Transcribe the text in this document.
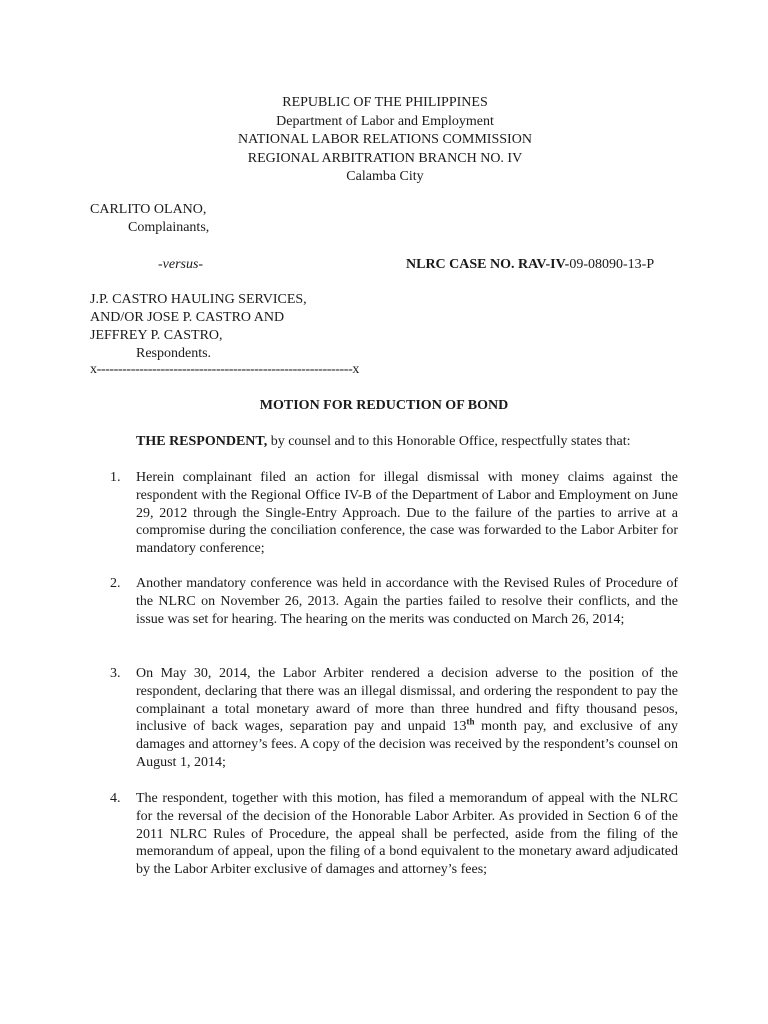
REPUBLIC OF THE PHILIPPINES
Department of Labor and Employment
NATIONAL LABOR RELATIONS COMMISSION
REGIONAL ARBITRATION BRANCH NO. IV
Calamba City
CARLITO OLANO,
Complainants,
-versus-	NLRC CASE NO. RAV-IV-09-08090-13-P
J.P. CASTRO HAULING SERVICES,
AND/OR JOSE P. CASTRO AND
JEFFREY P. CASTRO,
Respondents.
x------------------------------------------------------------x
MOTION FOR REDUCTION OF BOND
THE RESPONDENT, by counsel and to this Honorable Office, respectfully states that:
1.	Herein complainant filed an action for illegal dismissal with money claims against the respondent with the Regional Office IV-B of the Department of Labor and Employment on June 29, 2012 through the Single-Entry Approach. Due to the failure of the parties to arrive at a compromise during the conciliation conference, the case was forwarded to the Labor Arbiter for mandatory conference;
2.	Another mandatory conference was held in accordance with the Revised Rules of Procedure of the NLRC on November 26, 2013. Again the parties failed to resolve their conflicts, and the issue was set for hearing. The hearing on the merits was conducted on March 26, 2014;
3.	On May 30, 2014, the Labor Arbiter rendered a decision adverse to the position of the respondent, declaring that there was an illegal dismissal, and ordering the respondent to pay the complainant a total monetary award of more than three hundred and fifty thousand pesos, inclusive of back wages, separation pay and unpaid 13th month pay, and exclusive of any damages and attorney’s fees. A copy of the decision was received by the respondent’s counsel on August 1, 2014;
4.	The respondent, together with this motion, has filed a memorandum of appeal with the NLRC for the reversal of the decision of the Honorable Labor Arbiter. As provided in Section 6 of the 2011 NLRC Rules of Procedure, the appeal shall be perfected, aside from the filing of the memorandum of appeal, upon the filing of a bond equivalent to the monetary award adjudicated by the Labor Arbiter exclusive of damages and attorney’s fees;
